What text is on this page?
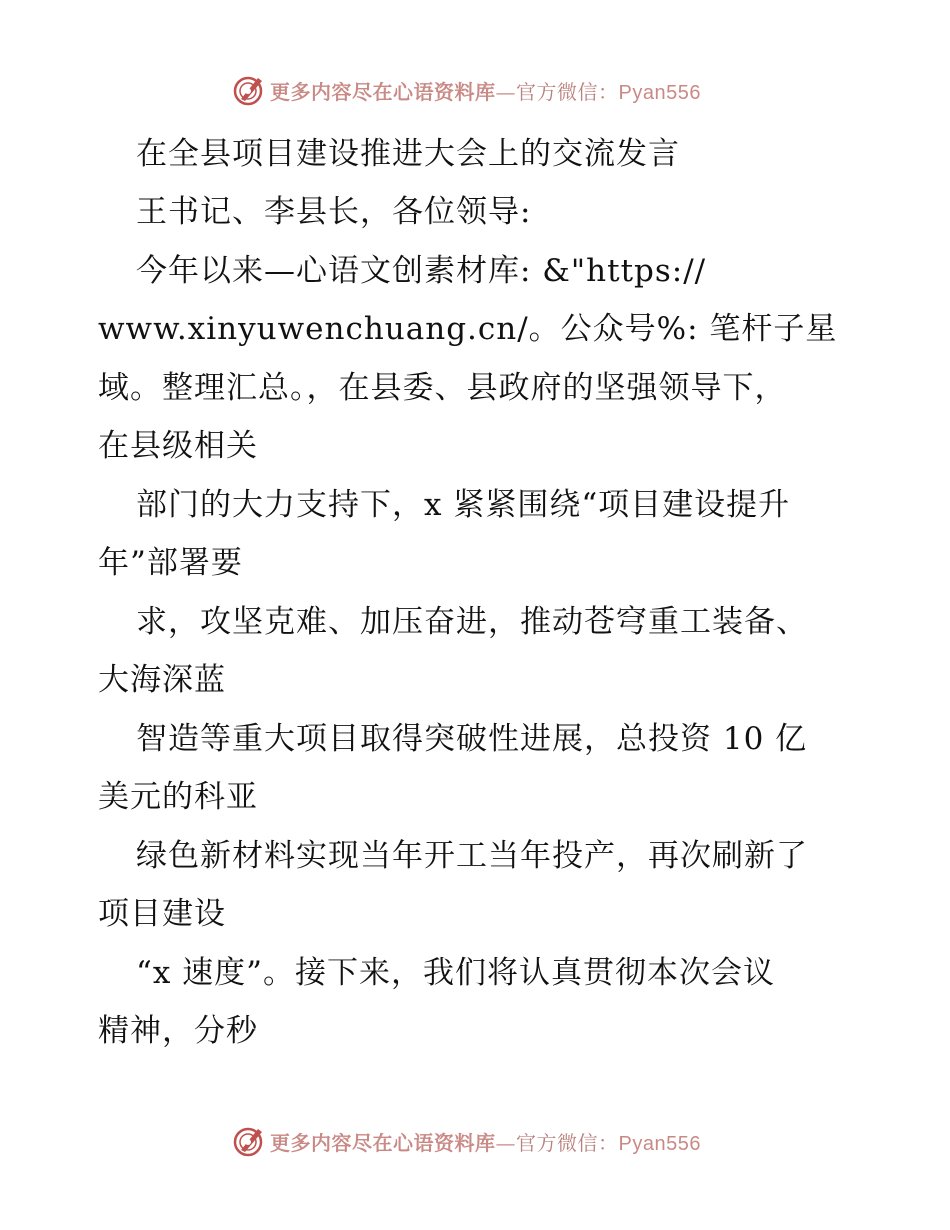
更多内容尽在心语资料库—官方微信：Pyan556
在全县项目建设推进大会上的交流发言
王书记、李县长，各位领导:
今年以来—心语文创素材库: &"https://
www.xinyuwenchuang.cn/。公众号%: 笔杆子星
域。整理汇总。，在县委、县政府的坚强领导下，
在县级相关
部门的大力支持下，x 紧紧围绕“项目建设提升
年”部署要
求，攻坚克难、加压奋进，推动苍穹重工装备、
大海深蓝
智造等重大项目取得突破性进展，总投资 10 亿
美元的科亚
绿色新材料实现当年开工当年投产，再次刷新了
项目建设
“x 速度”。接下来，我们将认真贯彻本次会议
精神，分秒
更多内容尽在心语资料库—官方微信：Pyan556
